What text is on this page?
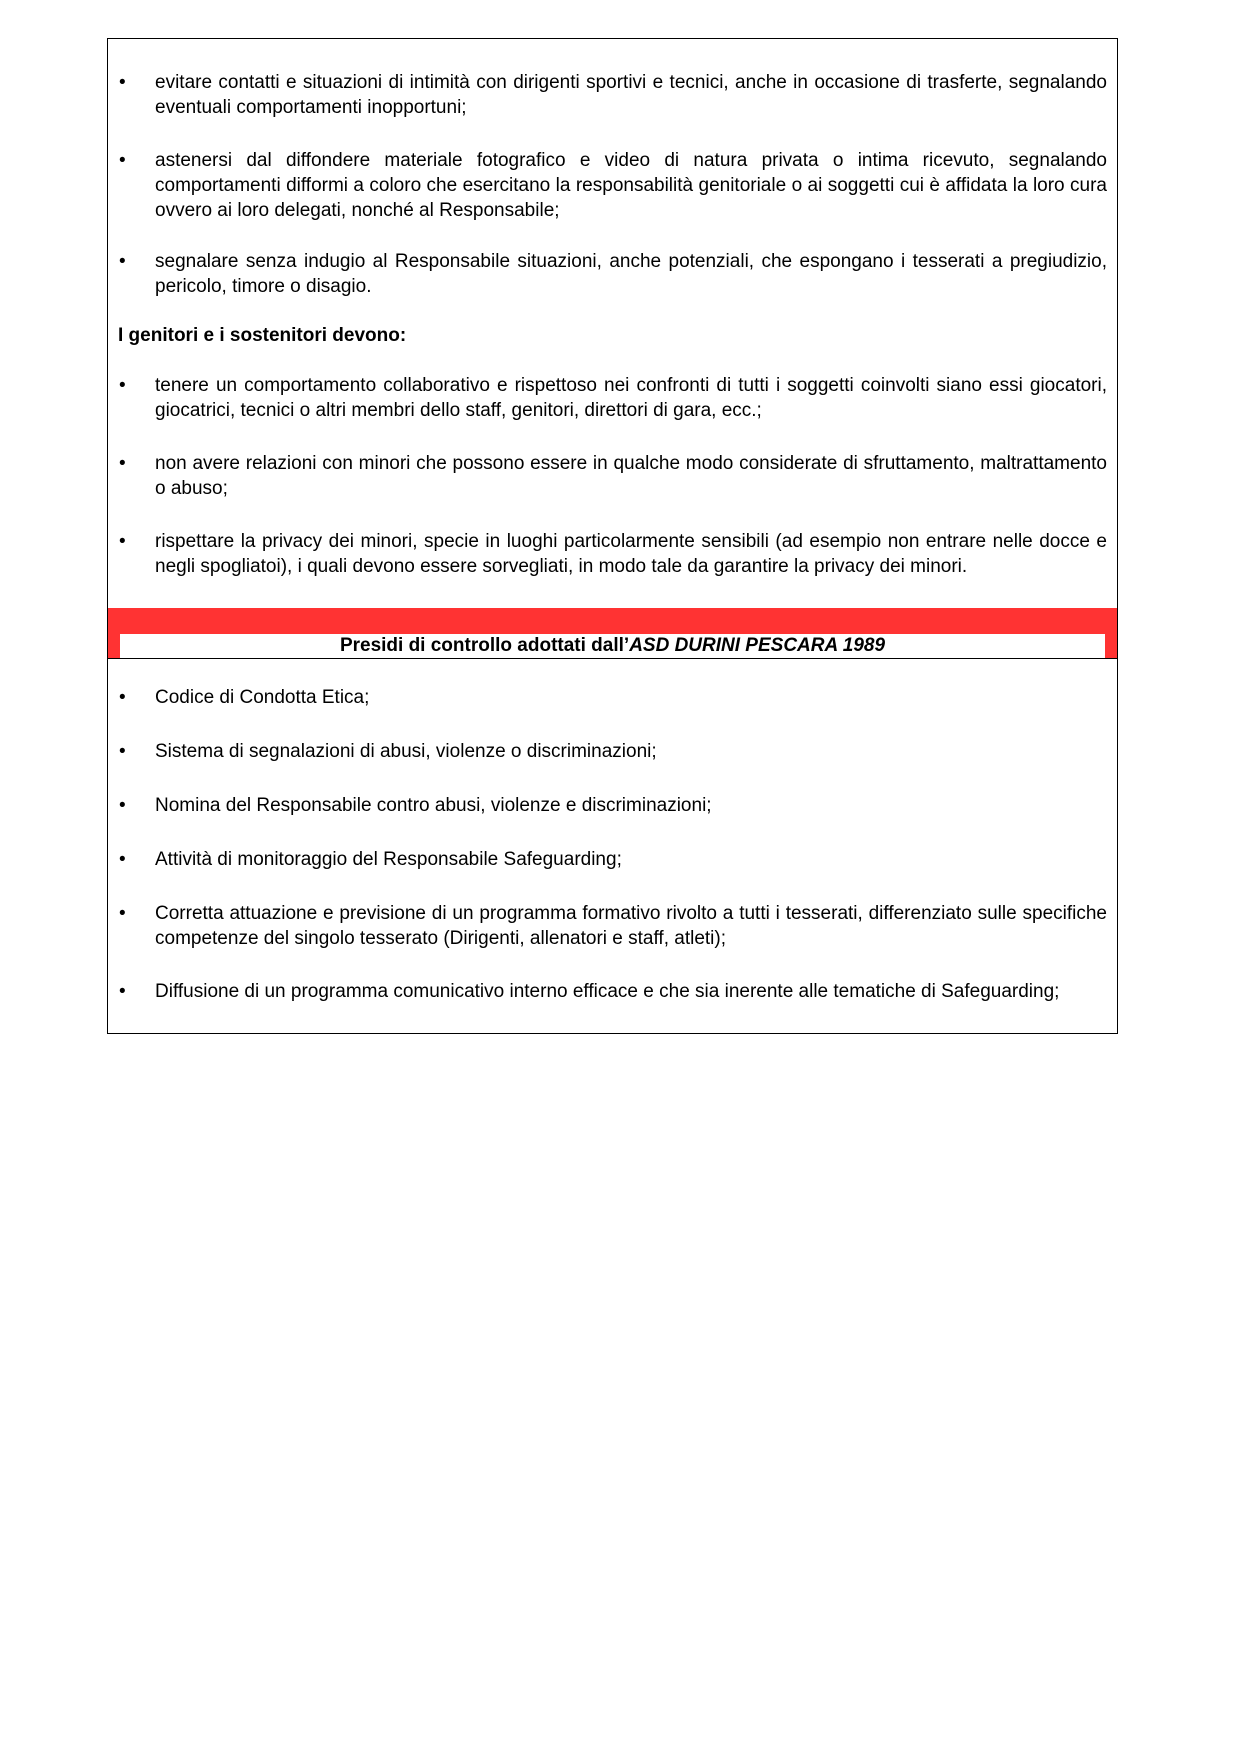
• evitare contatti e situazioni di intimità con dirigenti sportivi e tecnici, anche in occasione di trasferte, segnalando eventuali comportamenti inopportuni;
• astenersi dal diffondere materiale fotografico e video di natura privata o intima ricevuto, segnalando comportamenti difformi a coloro che esercitano la responsabilità genitoriale o ai soggetti cui è affidata la loro cura ovvero ai loro delegati, nonché al Responsabile;
• segnalare senza indugio al Responsabile situazioni, anche potenziali, che espongano i tesserati a pregiudizio, pericolo, timore o disagio.
I genitori e i sostenitori devono:
• tenere un comportamento collaborativo e rispettoso nei confronti di tutti i soggetti coinvolti siano essi giocatori, giocatrici, tecnici o altri membri dello staff, genitori, direttori di gara, ecc.;
• non avere relazioni con minori che possono essere in qualche modo considerate di sfruttamento, maltrattamento o abuso;
• rispettare la privacy dei minori, specie in luoghi particolarmente sensibili (ad esempio non entrare nelle docce e negli spogliatoi), i quali devono essere sorvegliati, in modo tale da garantire la privacy dei minori.
Presidi di controllo adottati dall’ASD DURINI PESCARA 1989
• Codice di Condotta Etica;
• Sistema di segnalazioni di abusi, violenze o discriminazioni;
• Nomina del Responsabile contro abusi, violenze e discriminazioni;
• Attività di monitoraggio del Responsabile Safeguarding;
• Corretta attuazione e previsione di un programma formativo rivolto a tutti i tesserati, differenziato sulle specifiche competenze del singolo tesserato (Dirigenti, allenatori e staff, atleti);
• Diffusione di un programma comunicativo interno efficace e che sia inerente alle tematiche di Safeguarding;
